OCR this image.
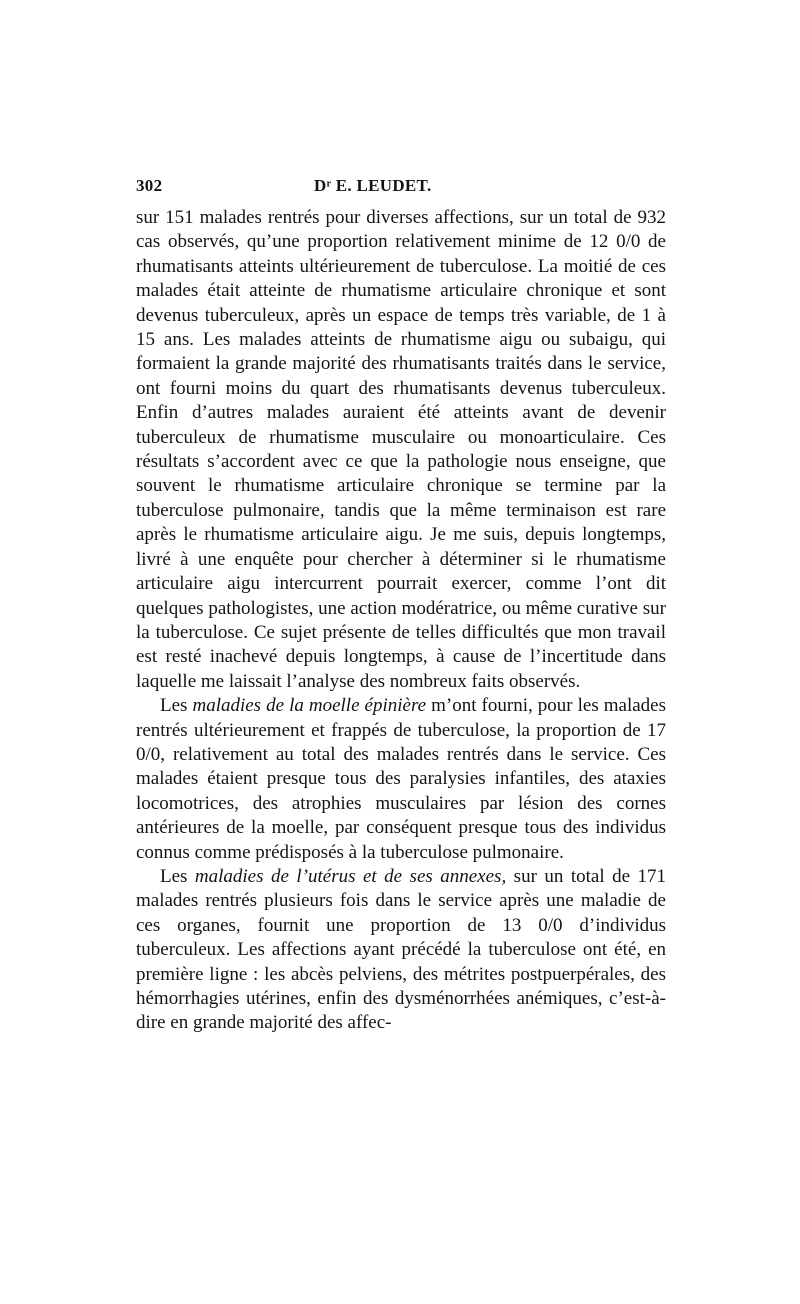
302	Dʳ E. LEUDET.

sur 151 malades rentrés pour diverses affections, sur un total de 932 cas observés, qu’une proportion relativement minime de 12 0/0 de rhumatisants atteints ultérieurement de tuberculose. La moitié de ces malades était atteinte de rhumatisme articulaire chronique et sont devenus tuberculeux, après un espace de temps très variable, de 1 à 15 ans. Les malades atteints de rhumatisme aigu ou subaigu, qui formaient la grande majorité des rhumatisants traités dans le service, ont fourni moins du quart des rhumatisants devenus tuberculeux. Enfin d’autres malades auraient été atteints avant de devenir tuberculeux de rhumatisme musculaire ou monoarticulaire. Ces résultats s’accordent avec ce que la pathologie nous enseigne, que souvent le rhumatisme articulaire chronique se termine par la tuberculose pulmonaire, tandis que la même terminaison est rare après le rhumatisme articulaire aigu. Je me suis, depuis longtemps, livré à une enquête pour chercher à déterminer si le rhumatisme articulaire aigu intercurrent pourrait exercer, comme l’ont dit quelques pathologistes, une action modératrice, ou même curative sur la tuberculose. Ce sujet présente de telles difficultés que mon travail est resté inachevé depuis longtemps, à cause de l’incertitude dans laquelle me laissait l’analyse des nombreux faits observés.

Les maladies de la moelle épinière m’ont fourni, pour les malades rentrés ultérieurement et frappés de tuberculose, la proportion de 17 0/0, relativement au total des malades rentrés dans le service. Ces malades étaient presque tous des paralysies infantiles, des ataxies locomotrices, des atrophies musculaires par lésion des cornes antérieures de la moelle, par conséquent presque tous des individus connus comme prédisposés à la tuberculose pulmonaire.

Les maladies de l’utérus et de ses annexes, sur un total de 171 malades rentrés plusieurs fois dans le service après une maladie de ces organes, fournit une proportion de 13 0/0 d’individus tuberculeux. Les affections ayant précédé la tuberculose ont été, en première ligne : les abcès pelviens, des métrites postpuerpérales, des hémorrhagies utérines, enfin des dysménorrhées anémiques, c’est-à-dire en grande majorité des affec-
